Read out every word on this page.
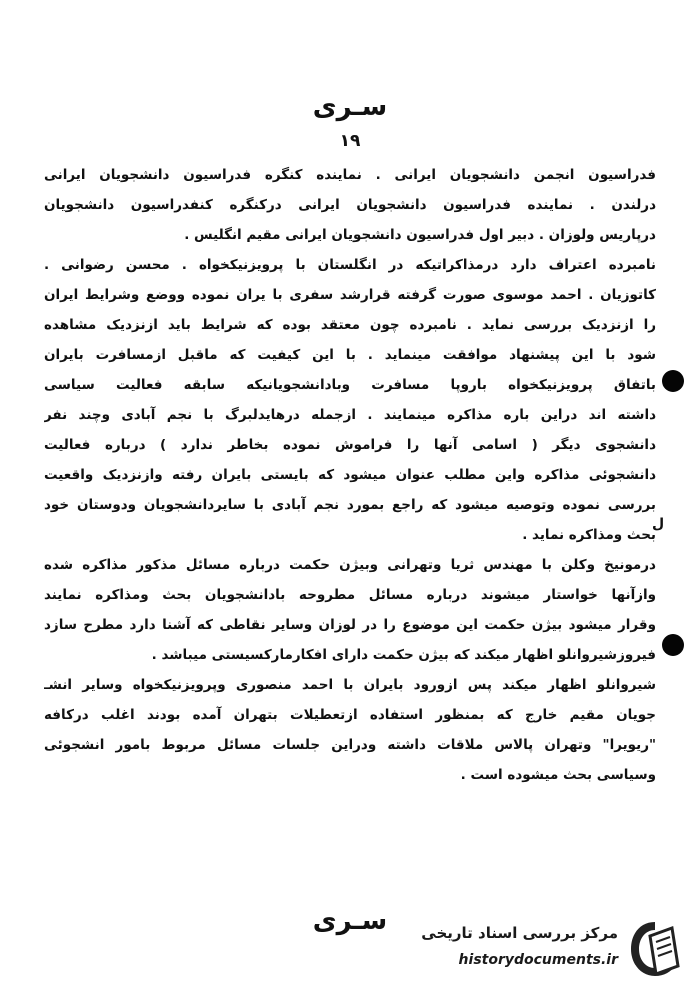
سـری
۱۹
فدراسیون انجمن دانشجویان ایرانی . نماینده کنگره فدراسیون دانشجویان ایرانی
درلندن . نماینده فدراسیون دانشجویان ایرانی درکنگره کنفدراسیون دانشجویان
درپاریس ولوزان . دبیر اول فدراسیون دانشجویان ایرانی مقیم انگلیس .
نامبرده اعتراف دارد درمذاکراتیکه در انگلستان با پرویزنیکخواه . محسن رضوانی .
کاتوزیان . احمد موسوی صورت گرفته قرارشد سفری با یران نموده ووضع وشرایط ایران
را ازنزدیک بررسی نماید . نامبرده چون معتقد بوده که شرایط باید ازنزدیک مشاهده
شود با این پیشنهاد موافقت مینماید . با این کیفیت که ماقبل ازمسافرت بایران
باتفاق پرویزنیکخواه باروپا مسافرت وبادانشجویانیکه سابقه فعالیت سیاسی
داشته اند دراین باره مذاکره مینمایند . ازجمله درهایدلبرگ با نجم آبادی وچند نفر
دانشجوی دیگر ( اسامی آنها را فراموش نموده بخاطر ندارد ) درباره فعالیت
دانشجوئی مذاکره واین مطلب عنوان میشود که بایستی بایران رفته وازنزدیک واقعیت
بررسی نموده وتوصیه میشود که راجع بمورد نجم آبادی با سایردانشجویان ودوستان خود
بحث ومذاکره نماید .
درمونیخ وکلن با مهندس ثریا وتهرانی وبیژن حکمت درباره مسائل مذکور مذاکره شده
وازآنها خواستار میشوند درباره مسائل مطروحه بادانشجویان بحث ومذاکره نمایند
وقرار میشود بیژن حکمت این موضوع را در لوزان وسایر نقاطی که آشنا دارد مطرح سازد
فیروزشیروانلو اظهار میکند که بیژن حکمت دارای افکارمارکسیستی میباشد .
شیروانلو اظهار میکند پس ازورود بایران با احمد منصوری وپرویزنیکخواه وسایر انشـ
جویان مقیم خارج که بمنظور استفاده ازتعطیلات بتهران آمده بودند اغلب درکافه
"ریویرا" وتهران پالاس ملاقات داشته ودراین جلسات مسائل مربوط بامور انشجوئی
وسیاسی بحث میشوده است .
ل
سـری	مرکز بررسی اسناد تاریخی
historydocuments.ir
